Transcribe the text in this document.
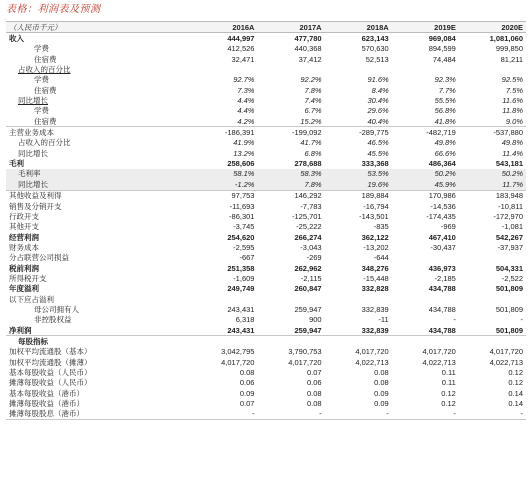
表格：利润表及预测
（人民币千元）	2016A	2017A	2018A	2019E	2020E
收入	444,997	477,780	623,143	969,084	1,081,060
学费	412,526	440,368	570,630	894,599	999,850
住宿费	32,471	37,412	52,513	74,484	81,211
占收入的百分比					
学费	92.7%	92.2%	91.6%	92.3%	92.5%
住宿费	7.3%	7.8%	8.4%	7.7%	7.5%
同比增长	4.4%	7.4%	30.4%	55.5%	11.6%
学费	4.4%	6.7%	29.6%	56.8%	11.8%
住宿费	4.2%	15.2%	40.4%	41.8%	9.0%
主营业务成本	-186,391	-199,092	-289,775	-482,719	-537,880
占收入的百分比	41.9%	41.7%	46.5%	49.8%	49.8%
同比增长	13.2%	6.8%	45.5%	66.6%	11.4%
毛利	258,606	278,688	333,368	486,364	543,181
毛利率	58.1%	58.3%	53.5%	50.2%	50.2%
同比增长	-1.2%	7.8%	19.6%	45.9%	11.7%
其他收益及利得	97,753	146,292	189,884	170,986	183,948
销售及分销开支	-11,693	-7,783	-16,794	-14,536	-10,811
行政开支	-86,301	-125,701	-143,501	-174,435	-172,970
其他开支	-3,745	-25,222	-835	-969	-1,081
经营利润	254,620	266,274	362,122	467,410	542,267
财务成本	-2,595	-3,043	-13,202	-30,437	-37,937
分占联营公司损益	-667	-269	-644		
税前利润	251,358	262,962	348,276	436,973	504,331
所得税开支	-1,609	-2,115	-15,448	-2,185	-2,522
年度溢利	249,749	260,847	332,828	434,788	501,809
以下应占溢利					
母公司拥有人	243,431	259,947	332,839	434,788	501,809
非控股权益	6,318	900	-11	-	-
净利润	243,431	259,947	332,839	434,788	501,809
每股指标					
加权平均流通股（基本）	3,042,795	3,790,753	4,017,720	4,017,720	4,017,720
加权平均流通股（摊薄）	4,017,720	4,017,720	4,022,713	4,022,713	4,022,713
基本每股收益（人民币）	0.08	0.07	0.08	0.11	0.12
摊薄每股收益（人民币）	0.06	0.06	0.08	0.11	0.12
基本每股收益（港币）	0.09	0.08	0.09	0.12	0.14
摊薄每股收益（港币）	0.07	0.08	0.09	0.12	0.14
摊薄每股股息（港币）	-	-	-	-	-
